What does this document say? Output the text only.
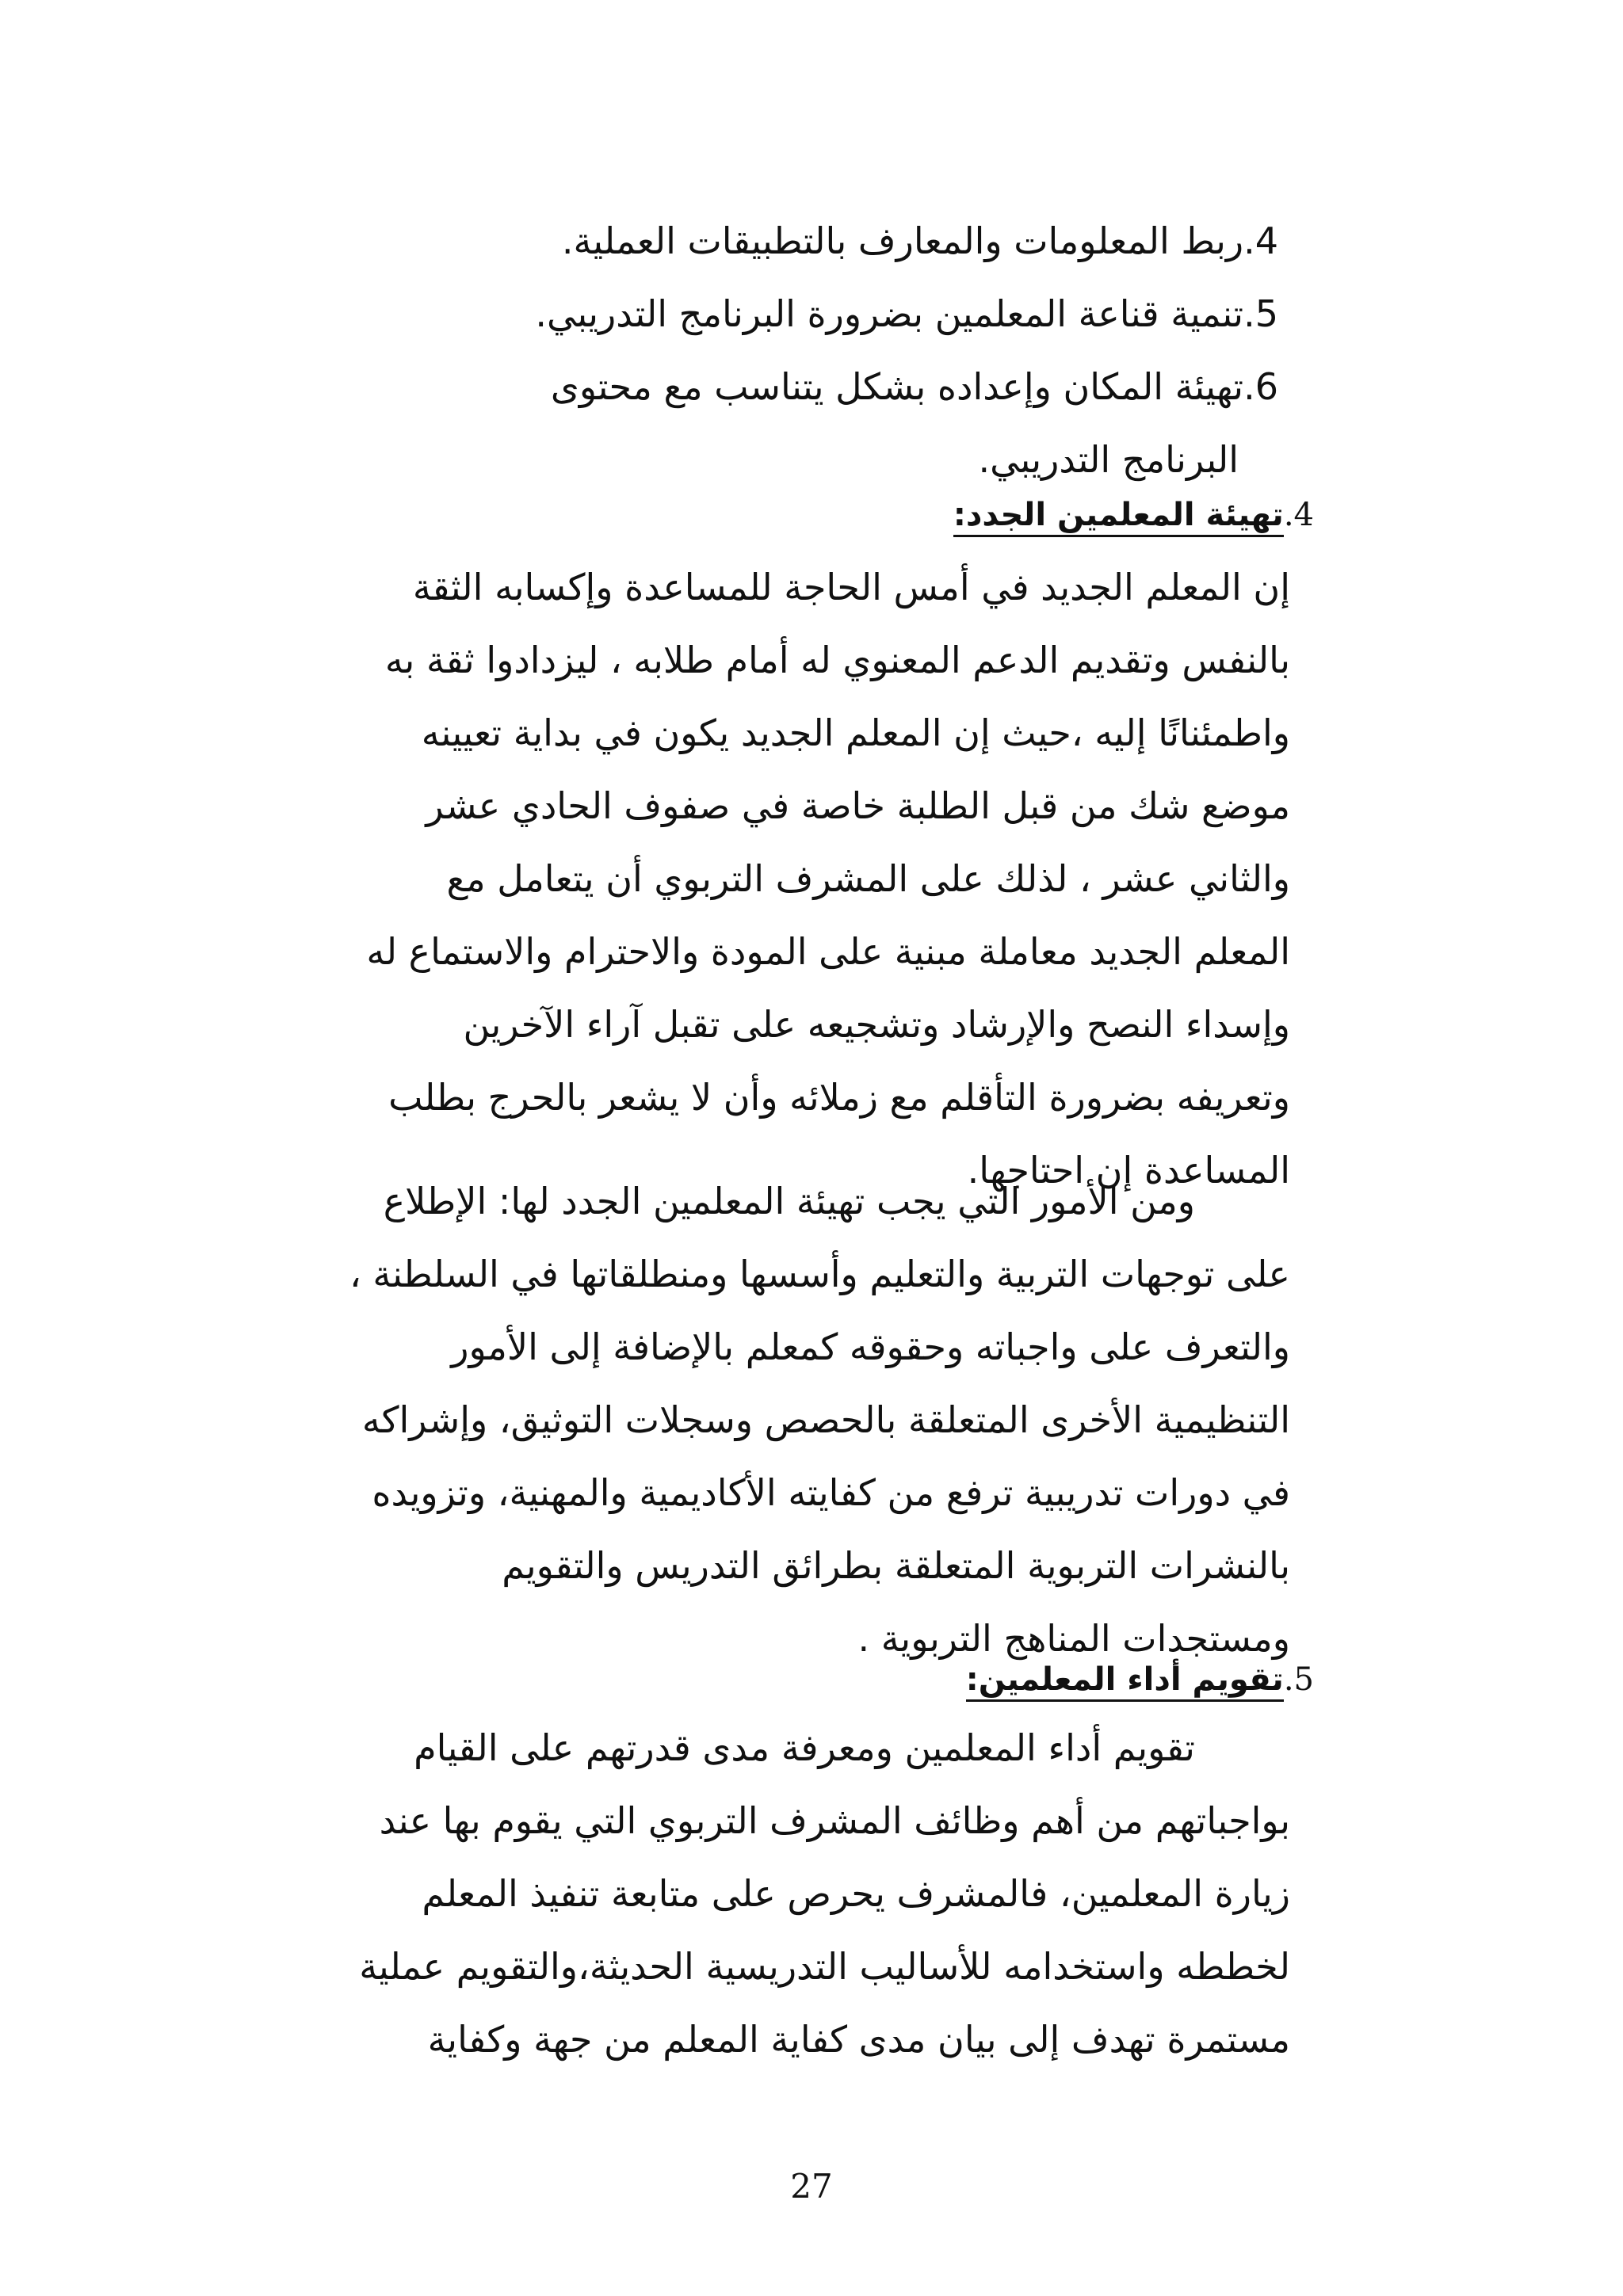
4.ربط المعلومات والمعارف بالتطبيقات العملية.
5.تنمية قناعة المعلمين بضرورة البرنامج التدريبي.
6.تهيئة المكان وإعداده بشكل يتناسب مع محتوى
البرنامج التدريبي.
4.تهيئة المعلمين الجدد:
إن المعلم الجديد في أمس الحاجة للمساعدة وإكسابه الثقة
بالنفس وتقديم الدعم المعنوي له أمام طلابه ، ليزدادوا ثقة به
واطمئنانًا إليه ،حيث إن المعلم الجديد يكون في بداية تعيينه
موضع شك من قبل الطلبة خاصة في صفوف الحادي عشر
والثاني عشر ، لذلك على المشرف التربوي أن يتعامل مع
المعلم الجديد معاملة مبنية على المودة والاحترام والاستماع له
وإسداء النصح والإرشاد وتشجيعه على تقبل آراء الآخرين
وتعريفه بضرورة التأقلم مع زملائه وأن لا يشعر بالحرج بطلب
المساعدة إن احتاجها.
ومن الأمور التي يجب تهيئة المعلمين الجدد لها: الإطلاع
على توجهات التربية والتعليم وأسسها ومنطلقاتها في السلطنة ،
والتعرف على واجباته وحقوقه كمعلم بالإضافة إلى الأمور
التنظيمية الأخرى المتعلقة بالحصص وسجلات التوثيق، وإشراكه
في دورات تدريبية ترفع من كفايته الأكاديمية والمهنية، وتزويده
بالنشرات التربوية المتعلقة بطرائق التدريس والتقويم
ومستجدات المناهج التربوية .
5.تقويم أداء المعلمين:
تقويم أداء المعلمين ومعرفة مدى قدرتهم على القيام
بواجباتهم من أهم وظائف المشرف التربوي التي يقوم بها عند
زيارة المعلمين، فالمشرف يحرص على متابعة تنفيذ المعلم
لخططه واستخدامه للأساليب التدريسية الحديثة،والتقويم عملية
مستمرة تهدف إلى بيان مدى كفاية المعلم من جهة وكفاية
27
